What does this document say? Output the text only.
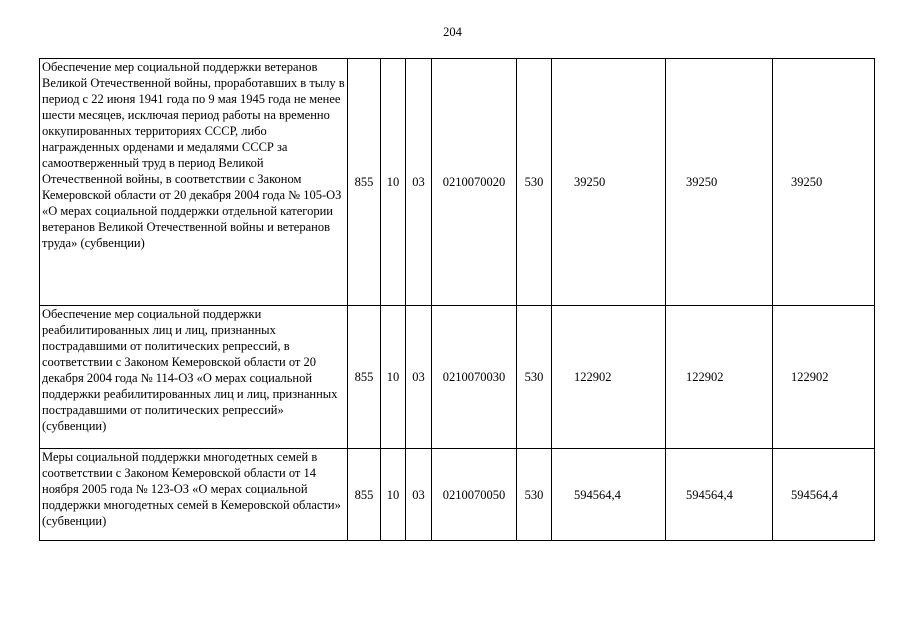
204
Обеспечение мер социальной поддержки ветеранов Великой Отечественной войны, проработавших в тылу в период с 22 июня 1941 года по 9 мая 1945 года не менее шести месяцев, исключая период работы на временно оккупированных территориях СССР, либо награжденных орденами и медалями СССР за самоотверженный труд в период Великой Отечественной войны, в соответствии с Законом Кемеровской области от 20 декабря 2004 года № 105-ОЗ «О мерах социальной поддержки отдельной категории ветеранов Великой Отечественной войны и ветеранов труда» (субвенции)	855	10	03	0210070020	530	39250	39250	39250
Обеспечение мер социальной поддержки реабилитированных лиц и лиц, признанных пострадавшими от политических репрессий, в соответствии с Законом Кемеровской области от 20 декабря 2004 года № 114-ОЗ «О мерах социальной поддержки реабилитированных лиц и лиц, признанных пострадавшими от политических репрессий» (субвенции)	855	10	03	0210070030	530	122902	122902	122902
Меры социальной поддержки многодетных семей в соответствии с Законом Кемеровской области от 14 ноября 2005 года № 123-ОЗ «О мерах социальной поддержки многодетных семей в Кемеровской области» (субвенции)	855	10	03	0210070050	530	594564,4	594564,4	594564,4
